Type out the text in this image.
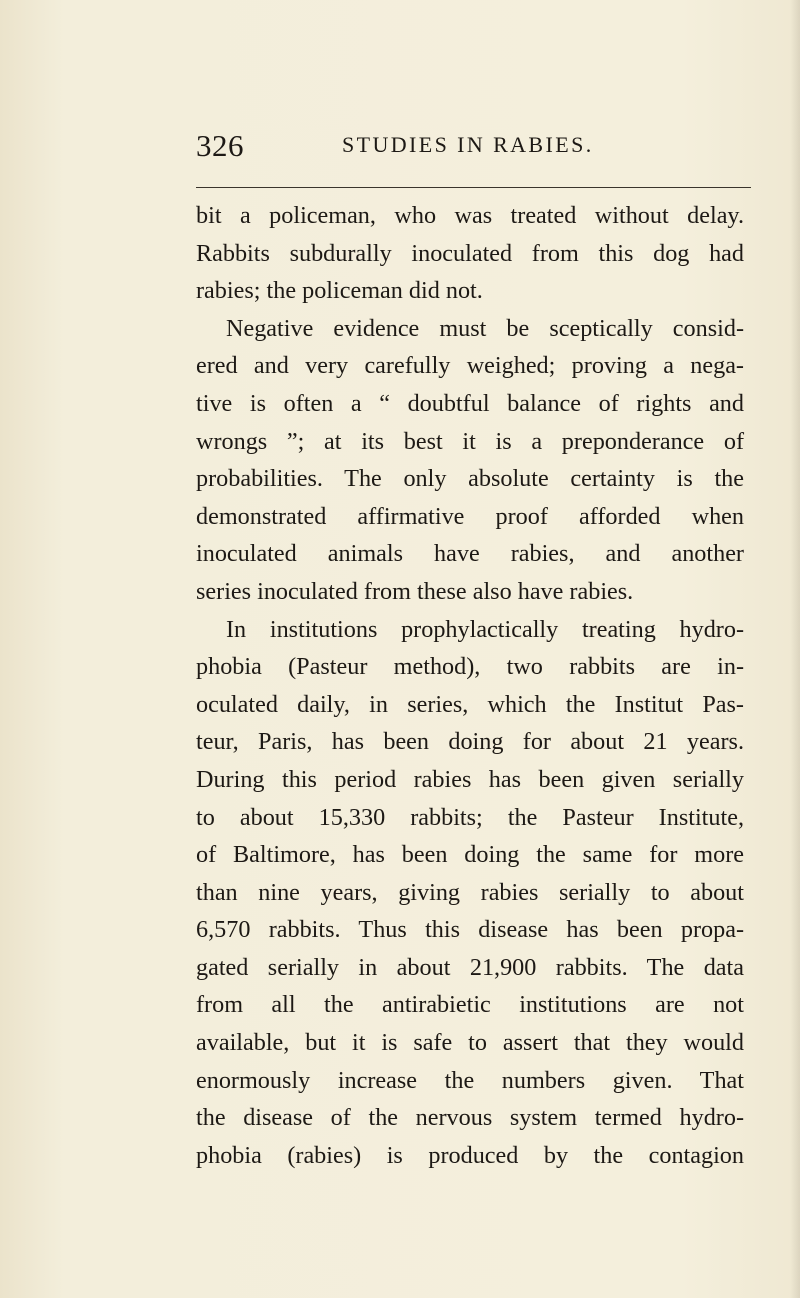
326	STUDIES IN RABIES.
bit a policeman, who was treated without delay.
Rabbits subdurally inoculated from this dog had
rabies; the policeman did not.
Negative evidence must be sceptically consid-
ered and very carefully weighed; proving a nega-
tive is often a “ doubtful balance of rights and
wrongs ”; at its best it is a preponderance of
probabilities. The only absolute certainty is the
demonstrated affirmative proof afforded when
inoculated animals have rabies, and another
series inoculated from these also have rabies.
In institutions prophylactically treating hydro-
phobia (Pasteur method), two rabbits are in-
oculated daily, in series, which the Institut Pas-
teur, Paris, has been doing for about 21 years.
During this period rabies has been given serially
to about 15,330 rabbits; the Pasteur Institute,
of Baltimore, has been doing the same for more
than nine years, giving rabies serially to about
6,570 rabbits. Thus this disease has been propa-
gated serially in about 21,900 rabbits. The data
from all the antirabietic institutions are not
available, but it is safe to assert that they would
enormously increase the numbers given. That
the disease of the nervous system termed hydro-
phobia (rabies) is produced by the contagion
